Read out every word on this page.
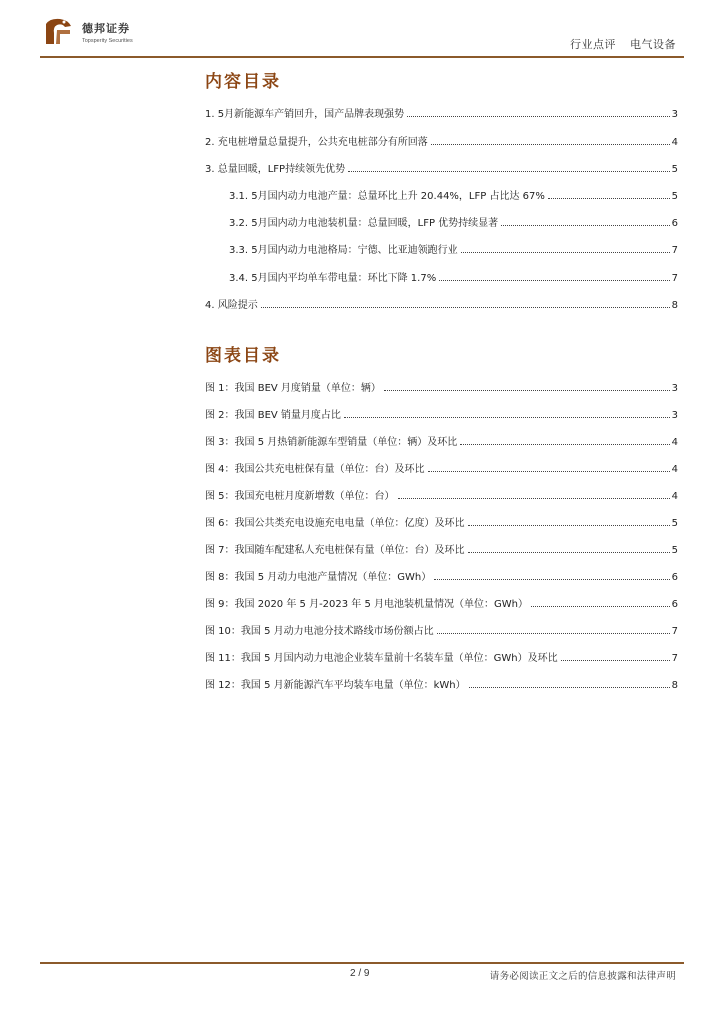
德邦证券
Topsperity Securities	行业点评 电气设备
内容目录
1. 5月新能源车产销回升，国产品牌表现强势	3
2. 充电桩增量总量提升，公共充电桩部分有所回落	4
3. 总量回暖，LFP持续领先优势	5
3.1. 5月国内动力电池产量：总量环比上升 20.44%，LFP 占比达 67%	5
3.2. 5月国内动力电池装机量：总量回暖，LFP 优势持续显著	6
3.3. 5月国内动力电池格局：宁德、比亚迪领跑行业	7
3.4. 5月国内平均单车带电量：环比下降 1.7%	7
4. 风险提示	8
图表目录
图 1：我国 BEV 月度销量（单位：辆）	3
图 2：我国 BEV 销量月度占比	3
图 3：我国 5 月热销新能源车型销量（单位：辆）及环比	4
图 4：我国公共充电桩保有量（单位：台）及环比	4
图 5：我国充电桩月度新增数（单位：台）	4
图 6：我国公共类充电设施充电电量（单位：亿度）及环比	5
图 7：我国随车配建私人充电桩保有量（单位：台）及环比	5
图 8：我国 5 月动力电池产量情况（单位：GWh）	6
图 9：我国 2020 年 5 月-2023 年 5 月电池装机量情况（单位：GWh）	6
图 10：我国 5 月动力电池分技术路线市场份额占比	7
图 11：我国 5 月国内动力电池企业装车量前十名装车量（单位：GWh）及环比	7
图 12：我国 5 月新能源汽车平均装车电量（单位：kWh）	8
2 / 9	请务必阅读正文之后的信息披露和法律声明
